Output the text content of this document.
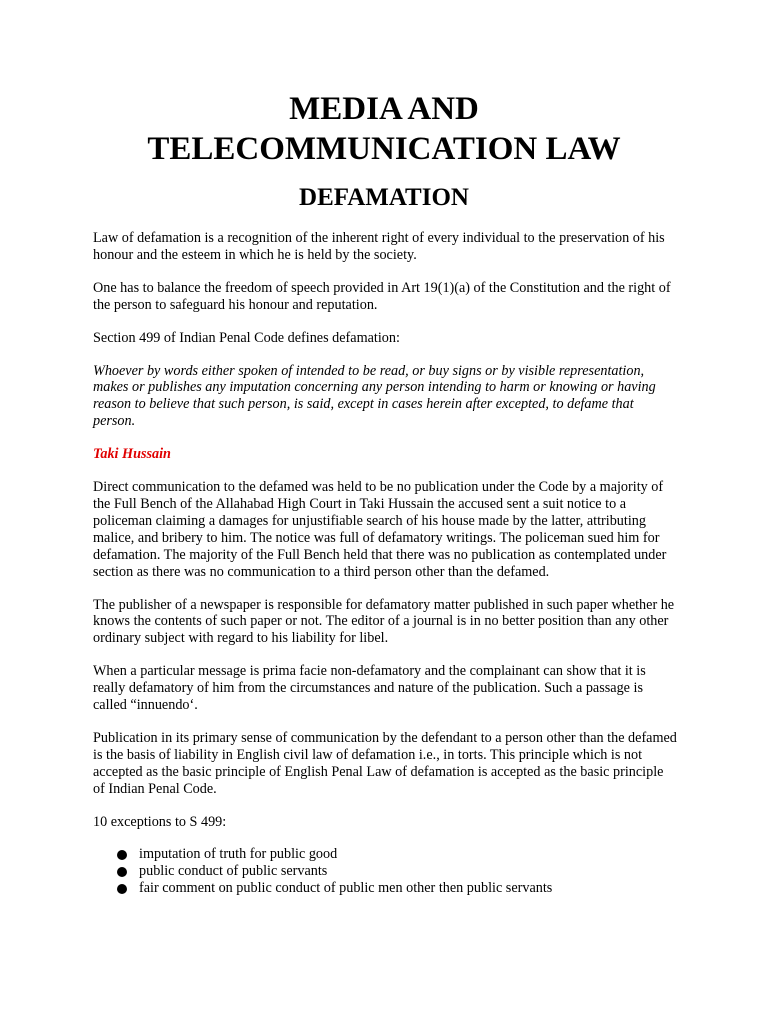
MEDIA AND
TELECOMMUNICATION LAW
DEFAMATION

Law of defamation is a recognition of the inherent right of every individual to the preservation of his honour and the esteem in which he is held by the society.

One has to balance the freedom of speech provided in Art 19(1)(a) of the Constitution and the right of the person to safeguard his honour and reputation.

Section 499 of Indian Penal Code defines defamation:

Whoever by words either spoken of intended to be read, or buy signs or by visible representation, makes or publishes any imputation concerning any person intending to harm or knowing or having reason to believe that such person, is said, except in cases herein after excepted, to defame that person.

Taki Hussain

Direct communication to the defamed was held to be no publication under the Code by a majority of the Full Bench of the Allahabad High Court in Taki Hussain the accused sent a suit notice to a policeman claiming a damages for unjustifiable search of his house made by the latter, attributing malice, and bribery to him. The notice was full of defamatory writings. The policeman sued him for defamation. The majority of the Full Bench held that there was no publication as contemplated under section as there was no communication to a third person other than the defamed.

The publisher of a newspaper is responsible for defamatory matter published in such paper whether he knows the contents of such paper or not. The editor of a journal is in no better position than any other ordinary subject with regard to his liability for libel.

When a particular message is prima facie non-defamatory and the complainant can show that it is really defamatory of him from the circumstances and nature of the publication. Such a passage is called “innuendo‘.

Publication in its primary sense of communication by the defendant to a person other than the defamed is the basis of liability in English civil law of defamation i.e., in torts. This principle which is not accepted as the basic principle of English Penal Law of defamation is accepted as the basic principle of Indian Penal Code.

10 exceptions to S 499:

imputation of truth for public good
public conduct of public servants
fair comment on public conduct of public men other then public servants
